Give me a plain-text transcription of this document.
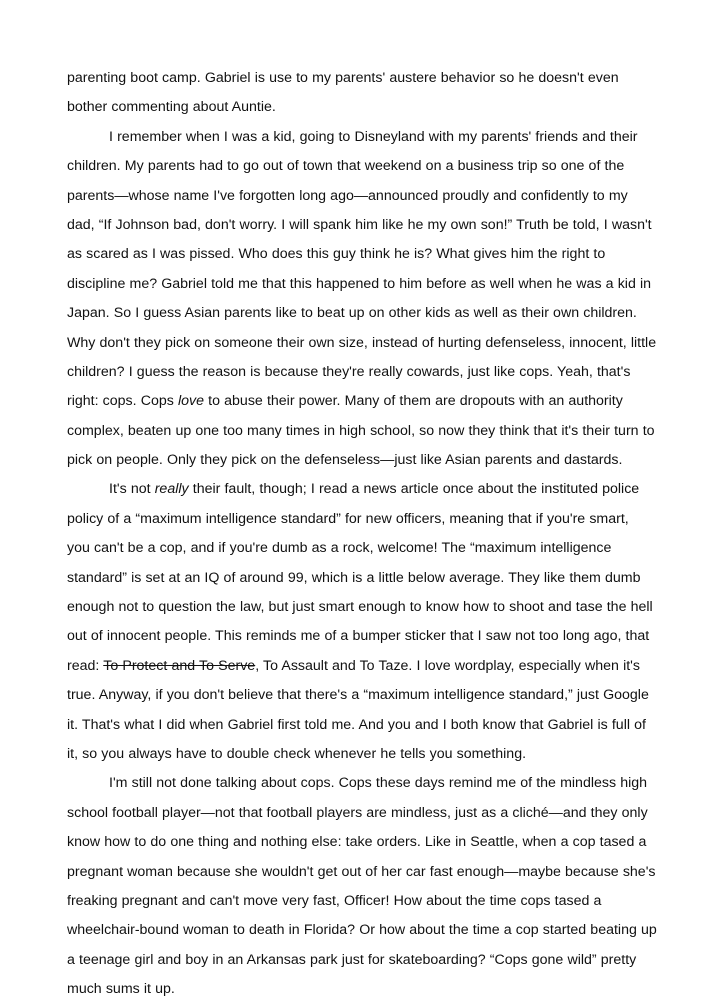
parenting boot camp. Gabriel is use to my parents' austere behavior so he doesn't even
bother commenting about Auntie.
I remember when I was a kid, going to Disneyland with my parents' friends and their
children. My parents had to go out of town that weekend on a business trip so one of the
parents—whose name I've forgotten long ago—announced proudly and confidently to my
dad, “If Johnson bad, don't worry. I will spank him like he my own son!” Truth be told, I wasn't
as scared as I was pissed. Who does this guy think he is? What gives him the right to
discipline me? Gabriel told me that this happened to him before as well when he was a kid in
Japan. So I guess Asian parents like to beat up on other kids as well as their own children.
Why don't they pick on someone their own size, instead of hurting defenseless, innocent, little
children? I guess the reason is because they're really cowards, just like cops. Yeah, that's
right: cops. Cops love to abuse their power. Many of them are dropouts with an authority
complex, beaten up one too many times in high school, so now they think that it's their turn to
pick on people. Only they pick on the defenseless—just like Asian parents and dastards.
It's not really their fault, though; I read a news article once about the instituted police
policy of a “maximum intelligence standard” for new officers, meaning that if you're smart,
you can't be a cop, and if you're dumb as a rock, welcome! The “maximum intelligence
standard” is set at an IQ of around 99, which is a little below average. They like them dumb
enough not to question the law, but just smart enough to know how to shoot and tase the hell
out of innocent people. This reminds me of a bumper sticker that I saw not too long ago, that
read: To Protect and To Serve, To Assault and To Taze. I love wordplay, especially when it's
true. Anyway, if you don't believe that there's a “maximum intelligence standard,” just Google
it. That's what I did when Gabriel first told me. And you and I both know that Gabriel is full of
it, so you always have to double check whenever he tells you something.
I'm still not done talking about cops. Cops these days remind me of the mindless high
school football player—not that football players are mindless, just as a cliché—and they only
know how to do one thing and nothing else: take orders. Like in Seattle, when a cop tased a
pregnant woman because she wouldn't get out of her car fast enough—maybe because she's
freaking pregnant and can't move very fast, Officer! How about the time cops tased a
wheelchair-bound woman to death in Florida? Or how about the time a cop started beating up
a teenage girl and boy in an Arkansas park just for skateboarding? “Cops gone wild” pretty
much sums it up.
